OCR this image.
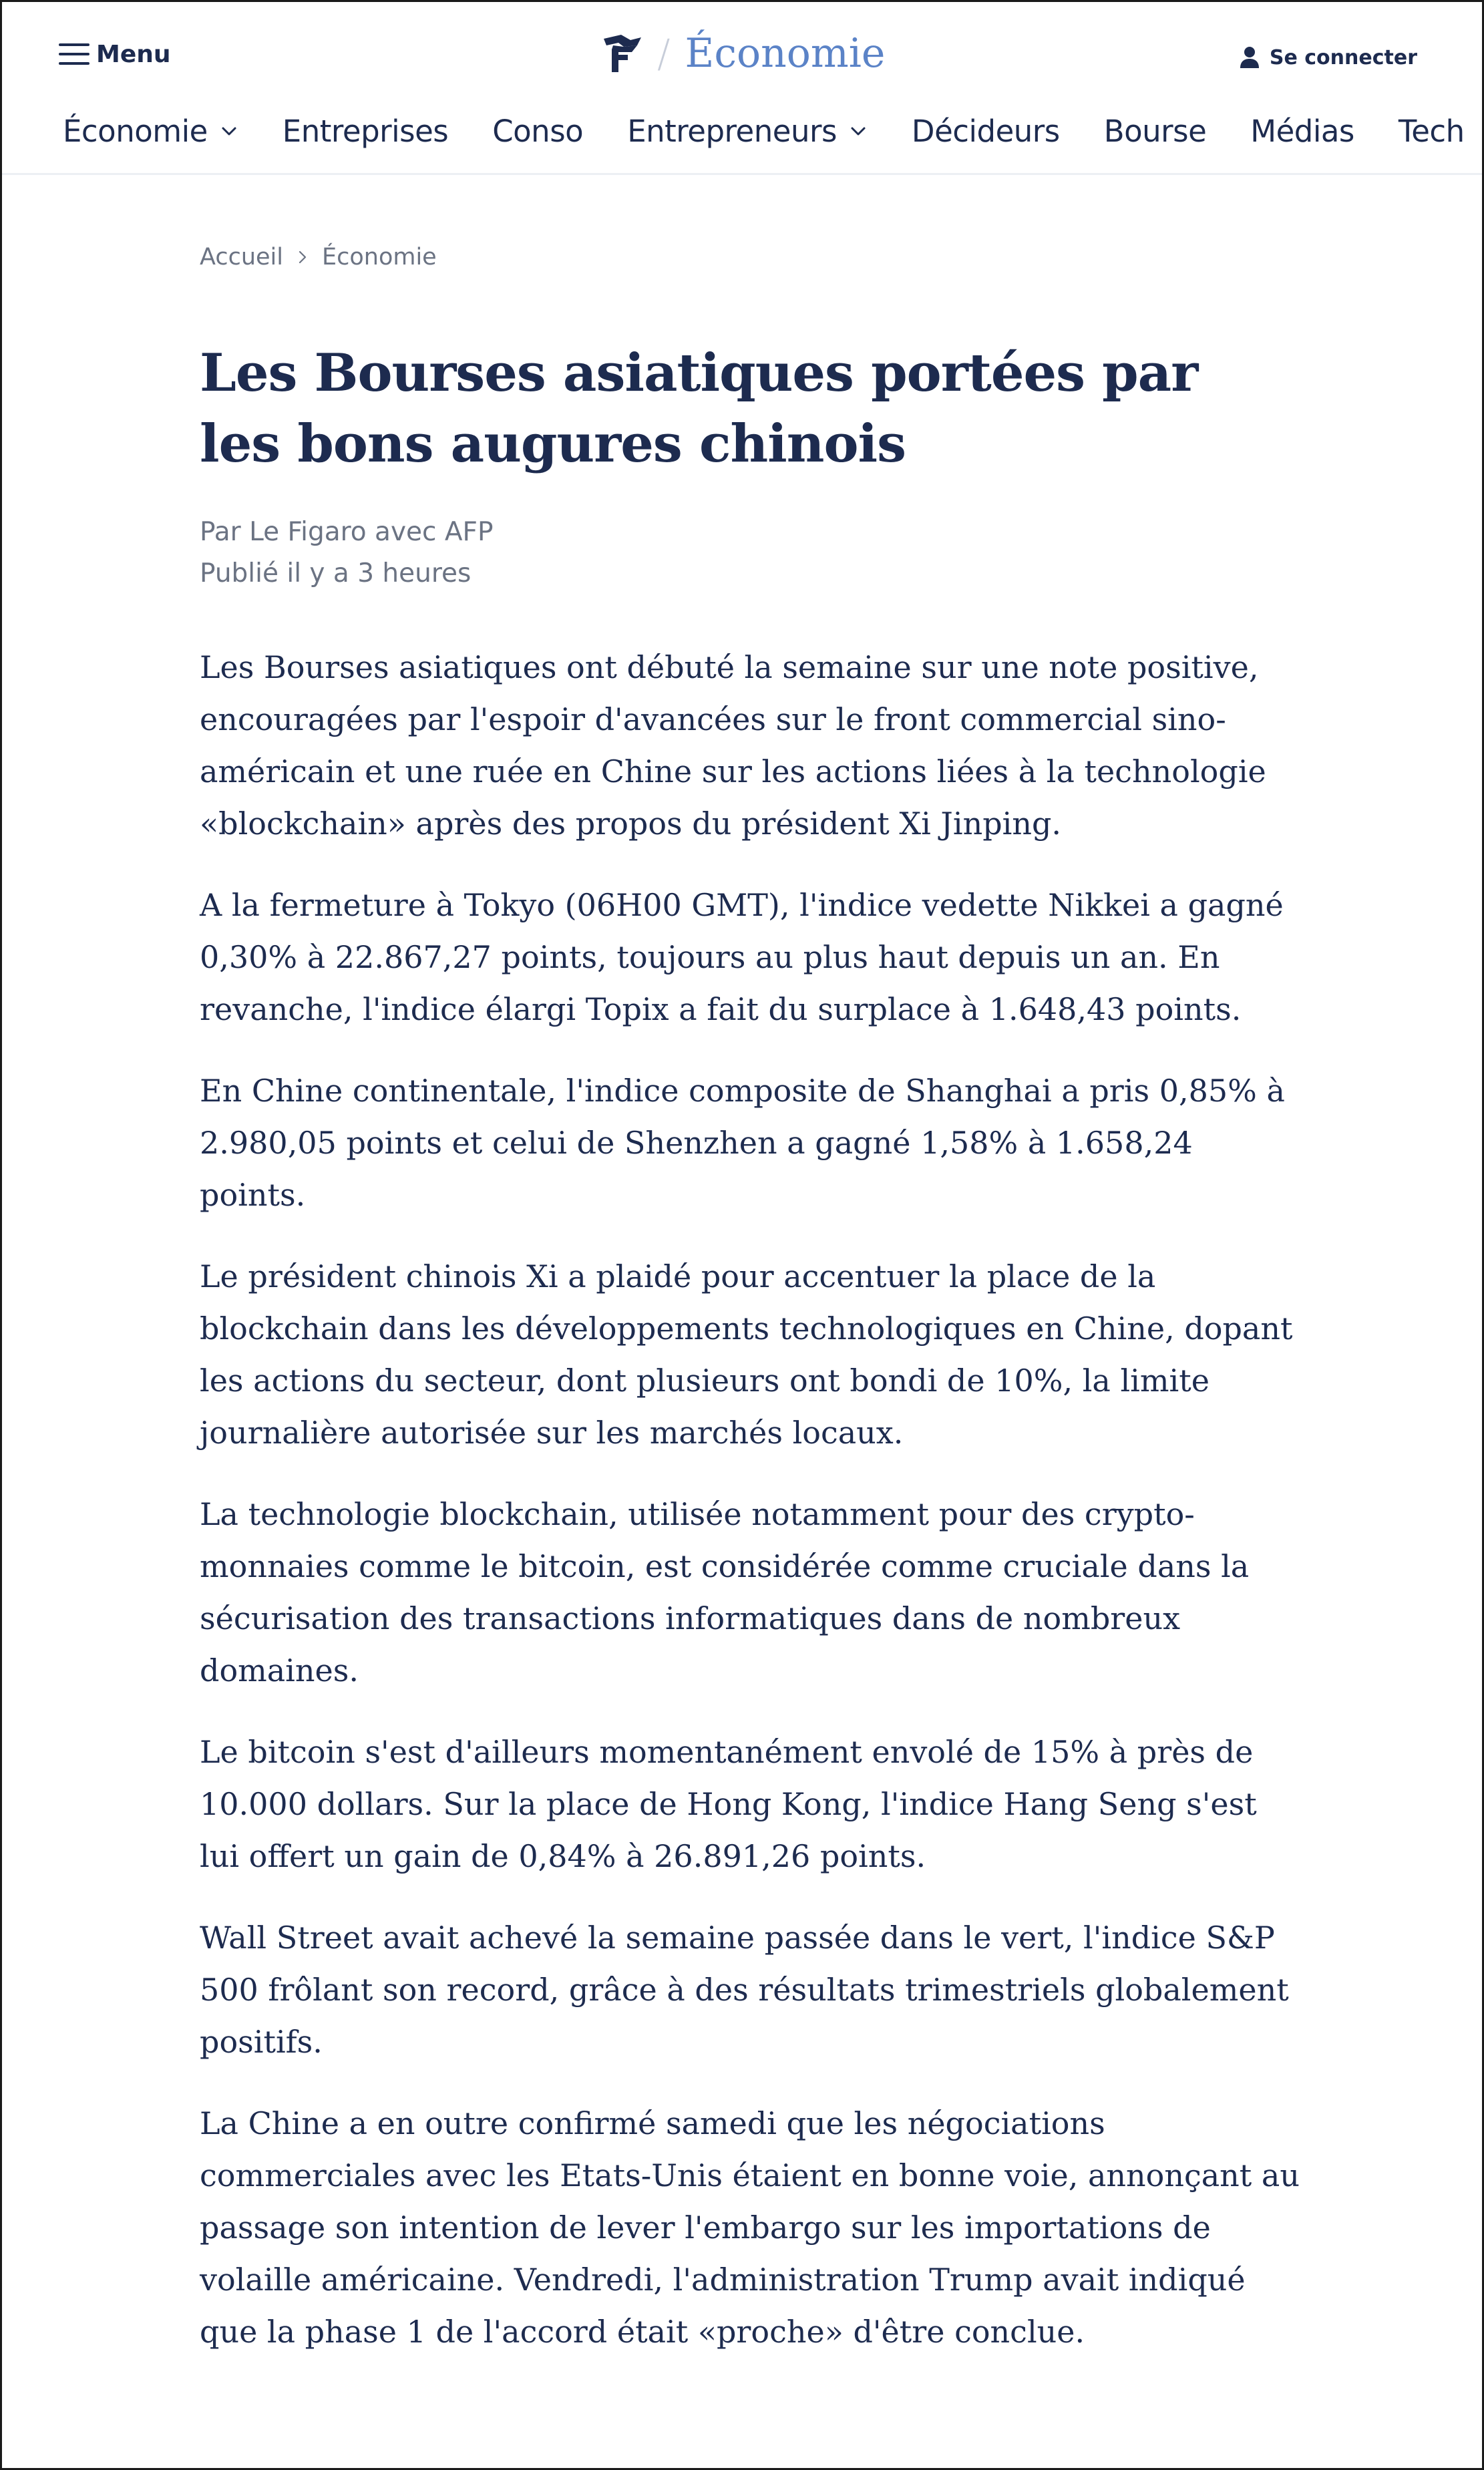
Menu	/ Économie	Se connecter
Économie Entreprises Conso Entrepreneurs Décideurs Bourse Médias Tech
Accueil Économie
Les Bourses asiatiques portées par les bons augures chinois
Par Le Figaro avec AFP
Publié il y a 3 heures

Les Bourses asiatiques ont débuté la semaine sur une note positive, encouragées par l'espoir d'avancées sur le front commercial sino-américain et une ruée en Chine sur les actions liées à la technologie «blockchain» après des propos du président Xi Jinping.

A la fermeture à Tokyo (06H00 GMT), l'indice vedette Nikkei a gagné 0,30% à 22.867,27 points, toujours au plus haut depuis un an. En revanche, l'indice élargi Topix a fait du surplace à 1.648,43 points.

En Chine continentale, l'indice composite de Shanghai a pris 0,85% à 2.980,05 points et celui de Shenzhen a gagné 1,58% à 1.658,24 points.

Le président chinois Xi a plaidé pour accentuer la place de la blockchain dans les développements technologiques en Chine, dopant les actions du secteur, dont plusieurs ont bondi de 10%, la limite journalière autorisée sur les marchés locaux.

La technologie blockchain, utilisée notamment pour des crypto-monnaies comme le bitcoin, est considérée comme cruciale dans la sécurisation des transactions informatiques dans de nombreux domaines.

Le bitcoin s'est d'ailleurs momentanément envolé de 15% à près de 10.000 dollars. Sur la place de Hong Kong, l'indice Hang Seng s'est lui offert un gain de 0,84% à 26.891,26 points.

Wall Street avait achevé la semaine passée dans le vert, l'indice S&P 500 frôlant son record, grâce à des résultats trimestriels globalement positifs.

La Chine a en outre confirmé samedi que les négociations commerciales avec les Etats-Unis étaient en bonne voie, annonçant au passage son intention de lever l'embargo sur les importations de volaille américaine. Vendredi, l'administration Trump avait indiqué que la phase 1 de l'accord était «proche» d'être conclue.
